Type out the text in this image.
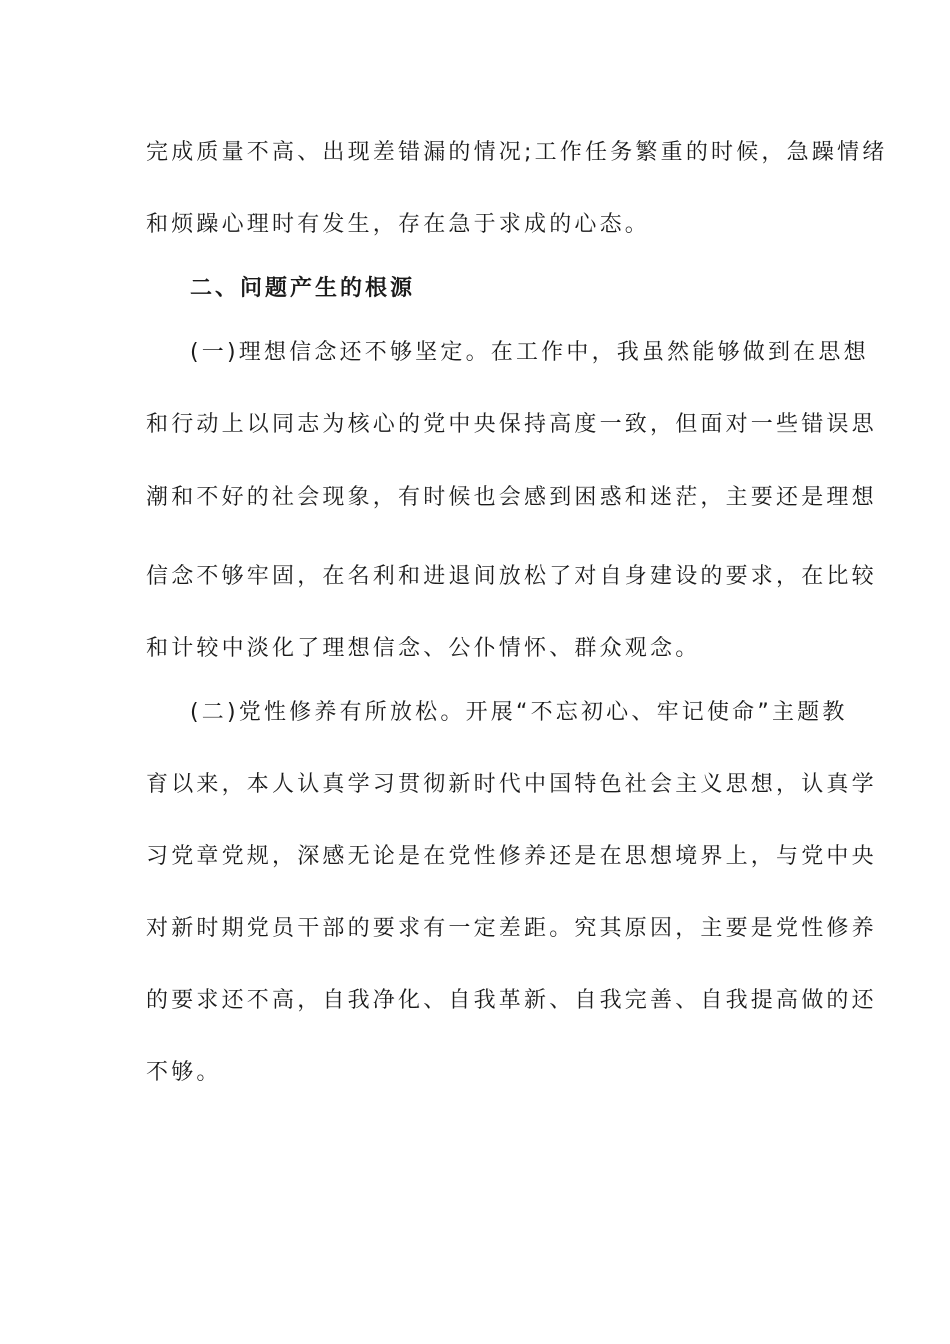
完成质量不高、出现差错漏的情况;工作任务繁重的时候，急躁情绪
和烦躁心理时有发生，存在急于求成的心态。
二、问题产生的根源
(一)理想信念还不够坚定。在工作中，我虽然能够做到在思想
和行动上以同志为核心的党中央保持高度一致，但面对一些错误思
潮和不好的社会现象，有时候也会感到困惑和迷茫，主要还是理想
信念不够牢固，在名利和进退间放松了对自身建设的要求，在比较
和计较中淡化了理想信念、公仆情怀、群众观念。
(二)党性修养有所放松。开展“不忘初心、牢记使命”主题教
育以来，本人认真学习贯彻新时代中国特色社会主义思想，认真学
习党章党规，深感无论是在党性修养还是在思想境界上，与党中央
对新时期党员干部的要求有一定差距。究其原因，主要是党性修养
的要求还不高，自我净化、自我革新、自我完善、自我提高做的还
不够。
